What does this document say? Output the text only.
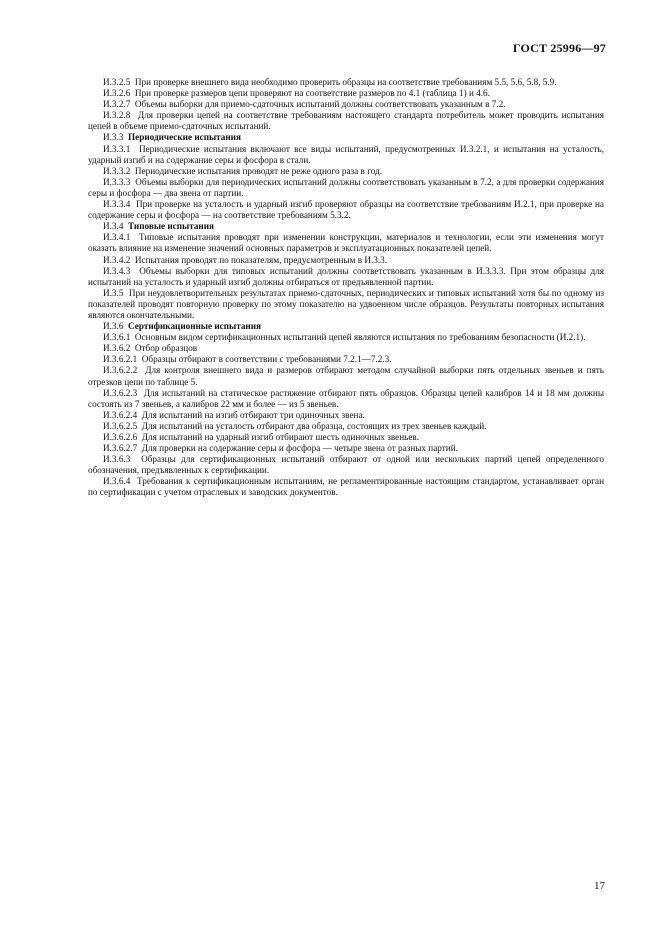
ГОСТ 25996—97

И.3.2.5 При проверке внешнего вида необходимо проверить образцы на соответствие требованиям 5.5, 5.6, 5.8, 5.9.

И.3.2.6 При проверке размеров цепи проверяют на соответствие размеров по 4.1 (таблица 1) и 4.6.

И.3.2.7 Объемы выборки для приемо-сдаточных испытаний должны соответствовать указанным в 7.2.

И.3.2.8 Для проверки цепей на соответствие требованиям настоящего стандарта потребитель может проводить испытания цепей в объеме приемо-сдаточных испытаний.

И.3.3 Периодические испытания

И.3.3.1 Периодические испытания включают все виды испытаний, предусмотренных И.3.2.1, и испытания на усталость, ударный изгиб и на содержание серы и фосфора в стали.

И.3.3.2 Периодические испытания проводят не реже одного раза в год.

И.3.3.3 Объемы выборки для периодических испытаний должны соответствовать указанным в 7.2, а для проверки содержания серы и фосфора — два звена от партии.

И.3.3.4 При проверке на усталость и ударный изгиб проверяют образцы на соответствие требованиям И.2.1, при проверке на содержание серы и фосфора — на соответствие требованиям 5.3.2.

И.3.4 Типовые испытания

И.3.4.1 Типовые испытания проводят при изменении конструкции, материалов и технологии, если эти изменения могут оказать влияние на изменение значений основных параметров и эксплуатационных показателей цепей.

И.3.4.2 Испытания проводят по показателям, предусмотренным в И.3.3.

И.3.4.3 Объемы выборки для типовых испытаний должны соответствовать указанным в И.3.3.3. При этом образцы для испытаний на усталость и ударный изгиб должны отбираться от предъявленной партии.

И.3.5 При неудовлетворительных результатах приемо-сдаточных, периодических и типовых испытаний хотя бы по одному из показателей проводят повторную проверку по этому показателю на удвоенном числе образцов. Результаты повторных испытания являются окончательными.

И.3.6 Сертификационные испытания

И.3.6.1 Основным видом сертификационных испытаний цепей являются испытания по требованиям безопасности (И.2.1).

И.3.6.2 Отбор образцов

И.3.6.2.1 Образцы отбирают в соответствии с требованиями 7.2.1—7.2.3.

И.3.6.2.2 Для контроля внешнего вида и размеров отбирают методом случайной выборки пять отдельных звеньев и пять отрезков цепи по таблице 5.

И.3.6.2.3 Для испытаний на статическое растяжение отбирают пять образцов. Образцы цепей калибров 14 и 18 мм должны состоять из 7 звеньев, а калибров 22 мм и более — из 5 звеньев.

И.3.6.2.4 Для испытаний на изгиб отбирают три одиночных звена.

И.3.6.2.5 Для испытаний на усталость отбирают два образца, состоящих из трех звеньев каждый.

И.3.6.2.6 Для испытаний на ударный изгиб отбирают шесть одиночных звеньев.

И.3.6.2.7 Для проверки на содержание серы и фосфора — четыре звена от разных партий.

И.3.6.3 Образцы для сертификационных испытаний отбирают от одной или нескольких партий цепей определенного обозначения, предъявленных к сертификации.

И.3.6.4 Требования к сертификационным испытаниям, не регламентированные настоящим стандартом, устанавливает орган по сертификации с учетом отраслевых и заводских документов.

17
